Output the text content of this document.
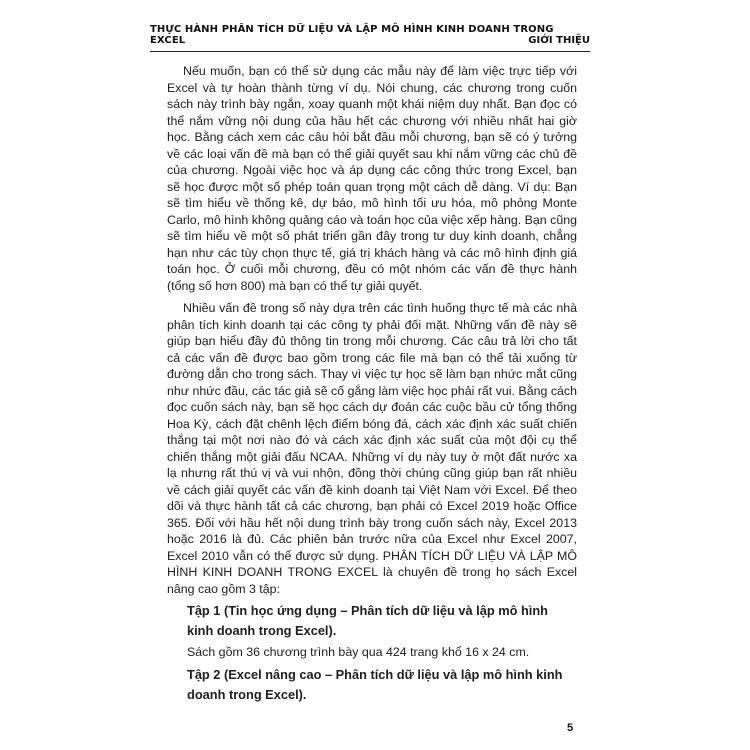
THỰC HÀNH PHÂN TÍCH DỮ LIỆU VÀ LẬP MÔ HÌNH KINH DOANH TRONG EXCEL	GIỚI THIỆU

Nếu muốn, bạn có thể sử dụng các mẫu này để làm việc trực tiếp với Excel và tự hoàn thành từng ví dụ. Nói chung, các chương trong cuốn sách này trình bày ngắn, xoay quanh một khái niệm duy nhất. Bạn đọc có thể nắm vững nội dung của hầu hết các chương với nhiều nhất hai giờ học. Bằng cách xem các câu hỏi bắt đầu mỗi chương, bạn sẽ có ý tưởng về các loại vấn đề mà bạn có thể giải quyết sau khi nắm vững các chủ đề của chương. Ngoài việc học và áp dụng các công thức trong Excel, bạn sẽ học được một số phép toán quan trọng một cách dễ dàng. Ví dụ: Bạn sẽ tìm hiểu về thống kê, dự báo, mô hình tối ưu hóa, mô phỏng Monte Carlo, mô hình không quảng cáo và toán học của việc xếp hàng. Bạn cũng sẽ tìm hiểu về một số phát triển gần đây trong tư duy kinh doanh, chẳng hạn như các tùy chọn thực tế, giá trị khách hàng và các mô hình định giá toán học. Ở cuối mỗi chương, đều có một nhóm các vấn đề thực hành (tổng số hơn 800) mà bạn có thể tự giải quyết.

Nhiều vấn đề trong số này dựa trên các tình huống thực tế mà các nhà phân tích kinh doanh tại các công ty phải đối mặt. Những vấn đề này sẽ giúp bạn hiểu đầy đủ thông tin trong mỗi chương. Các câu trả lời cho tất cả các vấn đề được bao gồm trong các file mà bạn có thể tải xuống từ đường dẫn cho trong sách. Thay vì việc tự học sẽ làm bạn nhức mắt cũng như nhức đầu, các tác giả sẽ cố gắng làm việc học phải rất vui. Bằng cách đọc cuốn sách này, bạn sẽ học cách dự đoán các cuộc bầu cử tổng thống Hoa Kỳ, cách đặt chênh lệch điểm bóng đá, cách xác định xác suất chiến thắng tại một nơi nào đó và cách xác định xác suất của một đội cụ thể chiến thắng một giải đấu NCAA. Những ví dụ này tuy ở một đất nước xa lạ nhưng rất thú vị và vui nhộn, đồng thời chúng cũng giúp bạn rất nhiều về cách giải quyết các vấn đề kinh doanh tại Việt Nam với Excel. Để theo dõi và thực hành tất cả các chương, bạn phải có Excel 2019 hoặc Office 365. Đối với hầu hết nội dung trình bày trong cuốn sách này, Excel 2013 hoặc 2016 là đủ. Các phiên bản trước nữa của Excel như Excel 2007, Excel 2010 vẫn có thể được sử dụng. PHÂN TÍCH DỮ LIỆU VÀ LẬP MÔ HÌNH KINH DOANH TRONG EXCEL là chuyên đề trong họ sách Excel nâng cao gồm 3 tập:

Tập 1 (Tin học ứng dụng – Phân tích dữ liệu và lập mô hình kinh doanh trong Excel).

Sách gồm 36 chương trình bày qua 424 trang khổ 16 x 24 cm.

Tập 2 (Excel nâng cao – Phân tích dữ liệu và lập mô hình kinh doanh trong Excel).

5
